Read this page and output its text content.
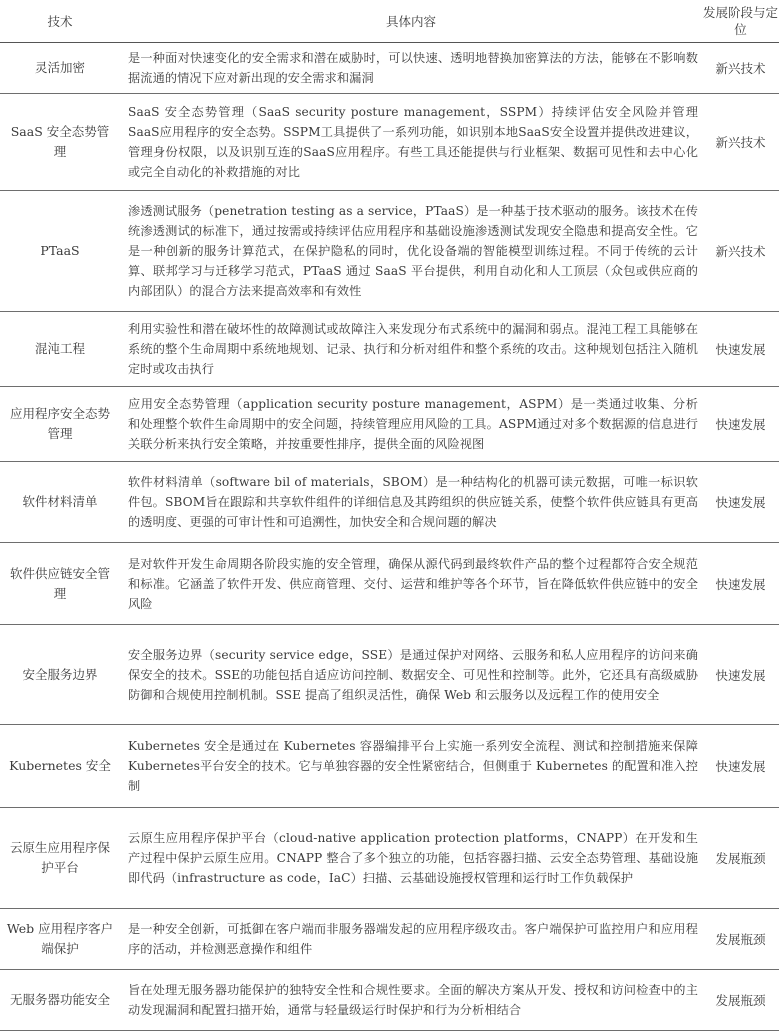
技术	具体内容	发展阶段与定位
灵活加密	是一种面对快速变化的安全需求和潜在威胁时，可以快速、透明地替换加密算法的方法，能够在不影响数据流通的情况下应对新出现的安全需求和漏洞	新兴技术
SaaS 安全态势管理	SaaS 安全态势管理（SaaS security posture management，SSPM）持续评估安全风险并管理SaaS应用程序的安全态势。SSPM工具提供了一系列功能，如识别本地SaaS安全设置并提供改进建议，管理身份权限，以及识别互连的SaaS应用程序。有些工具还能提供与行业框架、数据可见性和去中心化或完全自动化的补救措施的对比	新兴技术
PTaaS	渗透测试服务（penetration testing as a service，PTaaS）是一种基于技术驱动的服务。该技术在传统渗透测试的标准下，通过按需或持续评估应用程序和基础设施渗透测试发现安全隐患和提高安全性。它是一种创新的服务计算范式，在保护隐私的同时，优化设备端的智能模型训练过程。不同于传统的云计算、联邦学习与迁移学习范式，PTaaS 通过 SaaS 平台提供，利用自动化和人工顶层（众包或供应商的内部团队）的混合方法来提高效率和有效性	新兴技术
混沌工程	利用实验性和潜在破坏性的故障测试或故障注入来发现分布式系统中的漏洞和弱点。混沌工程工具能够在系统的整个生命周期中系统地规划、记录、执行和分析对组件和整个系统的攻击。这种规划包括注入随机定时或攻击执行	快速发展
应用程序安全态势管理	应用安全态势管理（application security posture management，ASPM）是一类通过收集、分析和处理整个软件生命周期中的安全问题，持续管理应用风险的工具。ASPM通过对多个数据源的信息进行关联分析来执行安全策略，并按重要性排序，提供全面的风险视图	快速发展
软件材料清单	软件材料清单（software bil of materials，SBOM）是一种结构化的机器可读元数据，可唯一标识软件包。SBOM旨在跟踪和共享软件组件的详细信息及其跨组织的供应链关系，使整个软件供应链具有更高的透明度、更强的可审计性和可追溯性，加快安全和合规问题的解决	快速发展
软件供应链安全管理	是对软件开发生命周期各阶段实施的安全管理，确保从源代码到最终软件产品的整个过程都符合安全规范和标准。它涵盖了软件开发、供应商管理、交付、运营和维护等各个环节，旨在降低软件供应链中的安全风险	快速发展
安全服务边界	安全服务边界（security service edge，SSE）是通过保护对网络、云服务和私人应用程序的访问来确保安全的技术。SSE的功能包括自适应访问控制、数据安全、可见性和控制等。此外，它还具有高级威胁防御和合规使用控制机制。SSE 提高了组织灵活性，确保 Web 和云服务以及远程工作的使用安全	快速发展
Kubernetes 安全	Kubernetes 安全是通过在 Kubernetes 容器编排平台上实施一系列安全流程、测试和控制措施来保障Kubernetes平台安全的技术。它与单独容器的安全性紧密结合，但侧重于 Kubernetes 的配置和准入控制	快速发展
云原生应用程序保护平台	云原生应用程序保护平台（cloud-native application protection platforms，CNAPP）在开发和生产过程中保护云原生应用。CNAPP 整合了多个独立的功能，包括容器扫描、云安全态势管理、基础设施即代码（infrastructure as code，IaC）扫描、云基础设施授权管理和运行时工作负载保护	发展瓶颈
Web 应用程序客户端保护	是一种安全创新，可抵御在客户端而非服务器端发起的应用程序级攻击。客户端保护可监控用户和应用程序的活动，并检测恶意操作和组件	发展瓶颈
无服务器功能安全	旨在处理无服务器功能保护的独特安全性和合规性要求。全面的解决方案从开发、授权和访问检查中的主动发现漏洞和配置扫描开始，通常与轻量级运行时保护和行为分析相结合	发展瓶颈
